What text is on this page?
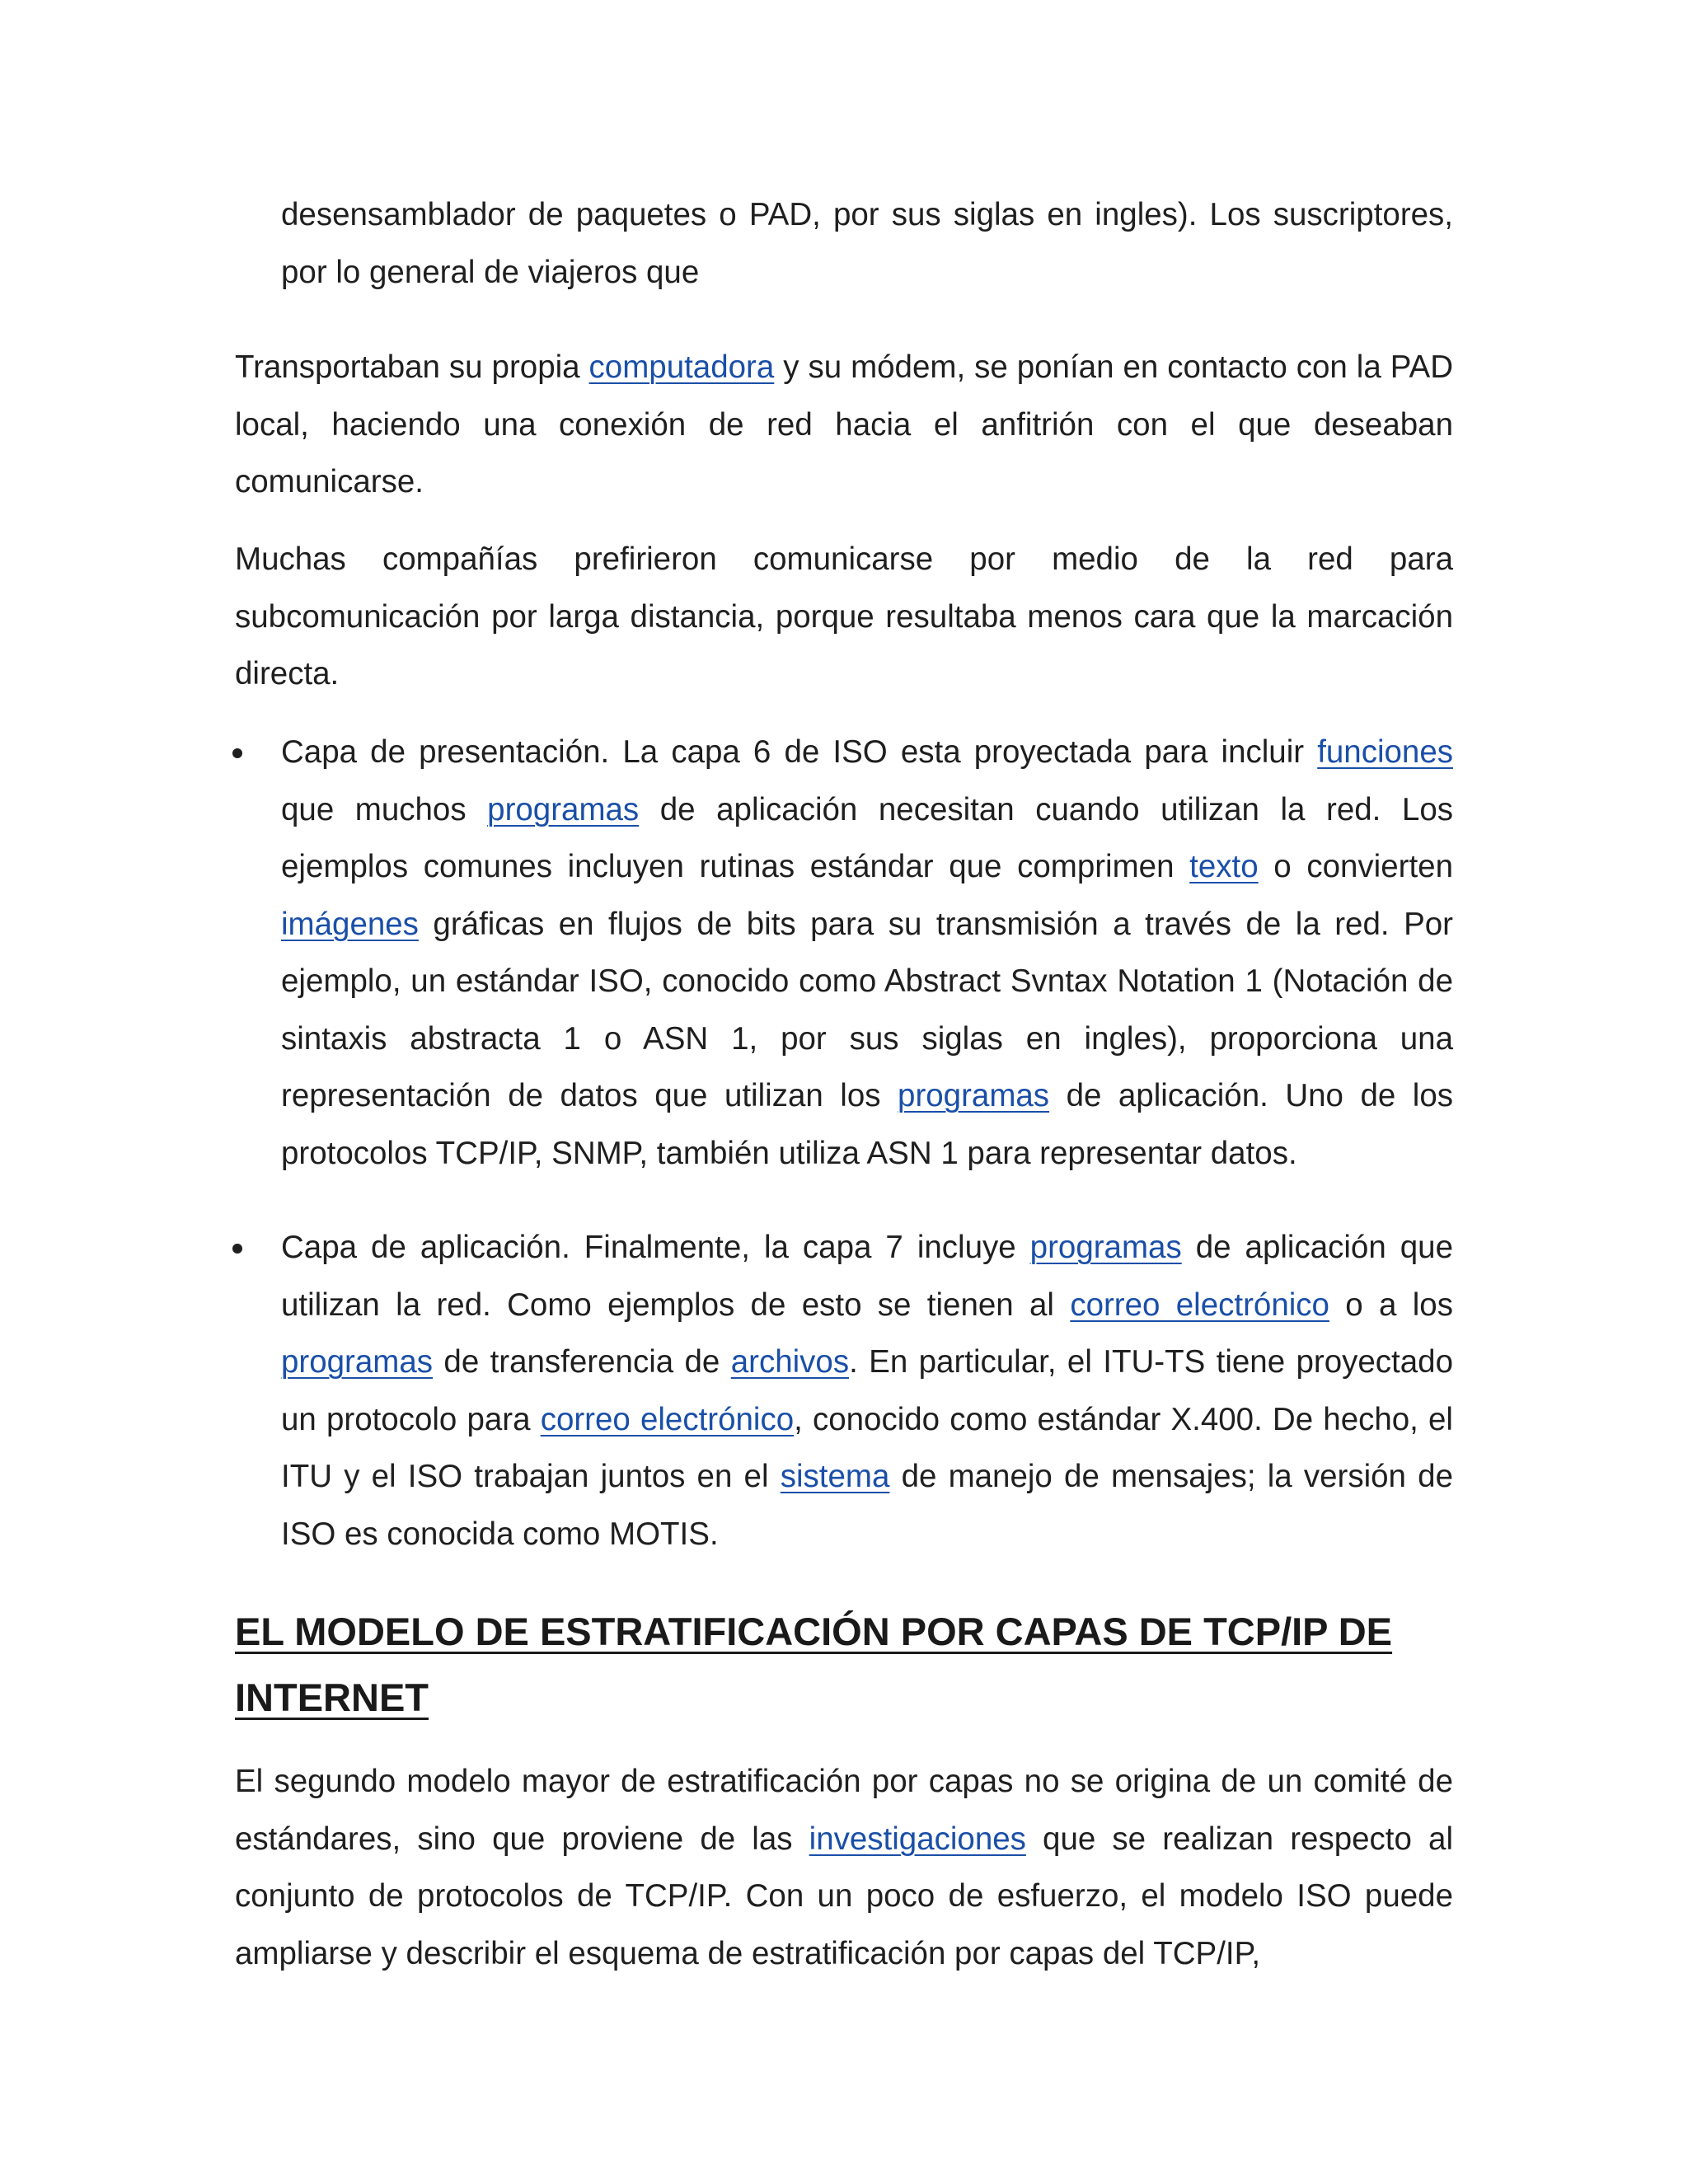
desensamblador de paquetes o PAD, por sus siglas en ingles). Los suscriptores, por lo general de viajeros que

Transportaban su propia computadora y su módem, se ponían en contacto con la PAD local, haciendo una conexión de red hacia el anfitrión con el que deseaban comunicarse.

Muchas compañías prefirieron comunicarse por medio de la red para subcomunicación por larga distancia, porque resultaba menos cara que la marcación directa.

Capa de presentación. La capa 6 de ISO esta proyectada para incluir funciones que muchos programas de aplicación necesitan cuando utilizan la red. Los ejemplos comunes incluyen rutinas estándar que comprimen texto o convierten imágenes gráficas en flujos de bits para su transmisión a través de la red. Por ejemplo, un estándar ISO, conocido como Abstract Svntax Notation 1 (Notación de sintaxis abstracta 1 o ASN 1, por sus siglas en ingles), proporciona una representación de datos que utilizan los programas de aplicación. Uno de los protocolos TCP/IP, SNMP, también utiliza ASN 1 para representar datos.

Capa de aplicación. Finalmente, la capa 7 incluye programas de aplicación que utilizan la red. Como ejemplos de esto se tienen al correo electrónico o a los programas de transferencia de archivos. En particular, el ITU-TS tiene proyectado un protocolo para correo electrónico, conocido como estándar X.400. De hecho, el ITU y el ISO trabajan juntos en el sistema de manejo de mensajes; la versión de ISO es conocida como MOTIS.

EL MODELO DE ESTRATIFICACIÓN POR CAPAS DE TCP/IP DE INTERNET

El segundo modelo mayor de estratificación por capas no se origina de un comité de estándares, sino que proviene de las investigaciones que se realizan respecto al conjunto de protocolos de TCP/IP. Con un poco de esfuerzo, el modelo ISO puede ampliarse y describir el esquema de estratificación por capas del TCP/IP,
